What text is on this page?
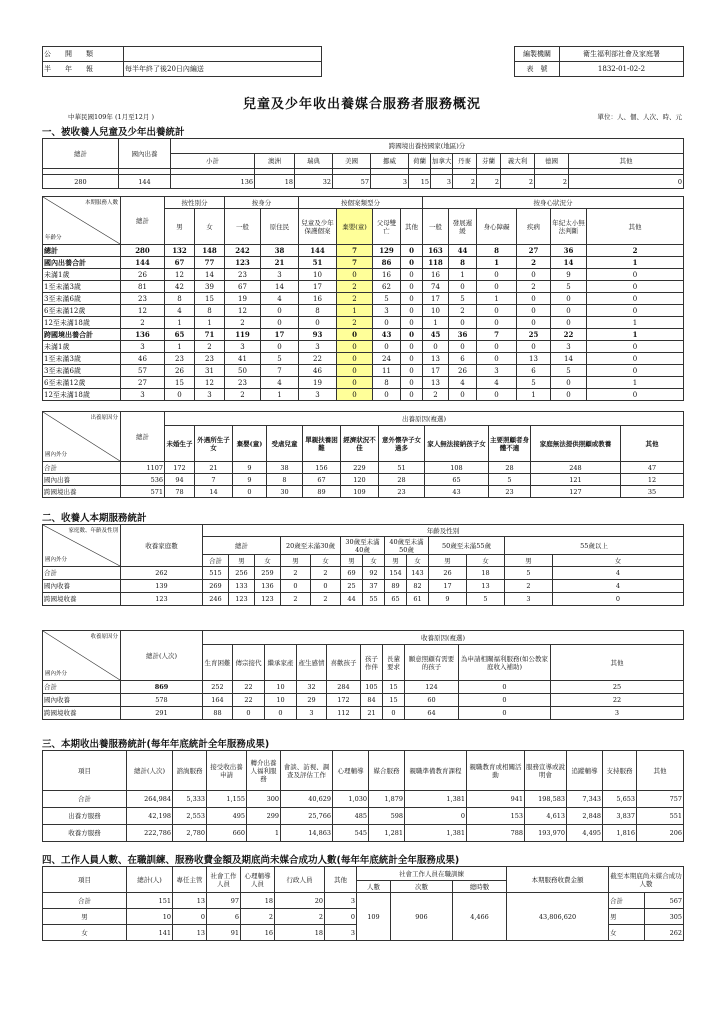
公　　開　　類	
半　　年　　報	每半年終了後20日內編送
編製機關	衛生福利部社會及家庭署
表　號	1832-01-02-2
兒童及少年收出養媒合服務者服務概況
中華民國109年 (1月至12月 )	單位：人、個、人次、時、元
一、被收養人兒童及少年出養統計
總計	國內出養	跨國境出養按國家(地區)分											
		小計	澳洲	瑞典	美國	挪威	荷蘭	加拿大	丹麥	芬蘭	義大利	德國	其他

280	144	136	18	32	57	3	15	3	2	2	2	2	0
本期服務人數
年齡分	總計	按性別分		按身分		按個案類型分				按身心狀況分					
		男	女	一般	原住民	兒童及少年保護個案	棄嬰(童)	父母雙亡	其他	一般	發展遲緩	身心障礙	疾病	年紀太小無法判斷	其他
總計	280	132	148	242	38	144	7	129	0	163	44	8	27	36	2
國內出養合計	144	67	77	123	21	51	7	86	0	118	8	1	2	14	1
未滿1歲	26	12	14	23	3	10	0	16	0	16	1	0	0	9	0
1至未滿3歲	81	42	39	67	14	17	2	62	0	74	0	0	2	5	0
3至未滿6歲	23	8	15	19	4	16	2	5	0	17	5	1	0	0	0
6至未滿12歲	12	4	8	12	0	8	1	3	0	10	2	0	0	0	0
12至未滿18歲	2	1	1	2	0	0	2	0	0	1	0	0	0	0	1
跨國境出養合計	136	65	71	119	17	93	0	43	0	45	36	7	25	22	1
未滿1歲	3	1	2	3	0	3	0	0	0	0	0	0	0	3	0
1至未滿3歲	46	23	23	41	5	22	0	24	0	13	6	0	13	14	0
3至未滿6歲	57	26	31	50	7	46	0	11	0	17	26	3	6	5	0
6至未滿12歲	27	15	12	23	4	19	0	8	0	13	4	4	5	0	1
12至未滿18歲	3	0	3	2	1	3	0	0	0	2	0	0	1	0	0
出養原因分
國內外分	總計	出養原因(複選)										
		未婚生子	外遇所生子女	棄嬰(童)	受虐兒童	單親扶養困難	經濟狀況不佳	意外懷孕子女過多	家人無法接納孩子女	主要照顧者身體不適	家庭無法提供照顧或教養	其他
合計	1107	172	21	9	38	156	229	51	108	28	248	47
國內出養	536	94	7	9	8	67	120	28	65	5	121	12
跨國境出養	571	78	14	0	30	89	109	23	43	23	127	35
二、收養人本期服務統計
家庭數、年齡及性別
國內外分	收養家庭數	年齡及性別												
		總計			20歲至未滿30歲		30歲至未滿40歲		40歲至未滿50歲		50歲至未滿55歲		55歲以上	
		合計	男	女	男	女	男	女	男	女	男	女	男	女
合計	262	515	256	259	2	2	69	92	154	143	26	18	5	4
國內收養	139	269	133	136	0	0	25	37	89	82	17	13	2	4
跨國境收養	123	246	123	123	2	2	44	55	65	61	9	5	3	0
收養原因分
國內外分	總計(人次)	收養原因(複選)									
		生育困難	傳宗接代	繼承家產	產生感情	喜歡孩子	孩子作伴	長輩要求	願意照顧有需要的孩子	為申請相關福利服務(如公教家庭收入補助)	其他
合計	869	252	22	10	32	284	105	15	124	0	25
國內收養	578	164	22	10	29	172	84	15	60	0	22
跨國境收養	291	88	0	0	3	112	21	0	64	0	3
三、本期收出養服務統計(每年年底統計全年服務成果)
項目	總計(人次)	諮詢服務	接受收出養申請	轉介出養人福利服務	會談、訪視、調查及評估工作	心理輔導	媒合服務	親職準備教育課程	親職教育或相關活動	服務宣導或說明會	追蹤輔導	支持服務	其他
合計	264,984	5,333	1,155	300	40,629	1,030	1,879	1,381	941	198,583	7,343	5,653	757
出養方服務	42,198	2,553	495	299	25,766	485	598	0	153	4,613	2,848	3,837	551
收養方服務	222,786	2,780	660	1	14,863	545	1,281	1,381	788	193,970	4,495	1,816	206
四、工作人員人數、在職訓練、服務收費金額及期底尚未媒合成功人數(每年年底統計全年服務成果)
項目	總計(人)	專任主管	社會工作人員	心理輔導人員	行政人員	其他	社會工作人員在職訓練			本期服務收費金額	截至本期底尚未媒合成功人數	
							人數	次數	總時數			
合計	151	13	97	18	20	3	109	906	4,466	43,806,620	合計	567
男	10	0	6	2	2	0					男	305
女	141	13	91	16	18	3					女	262
